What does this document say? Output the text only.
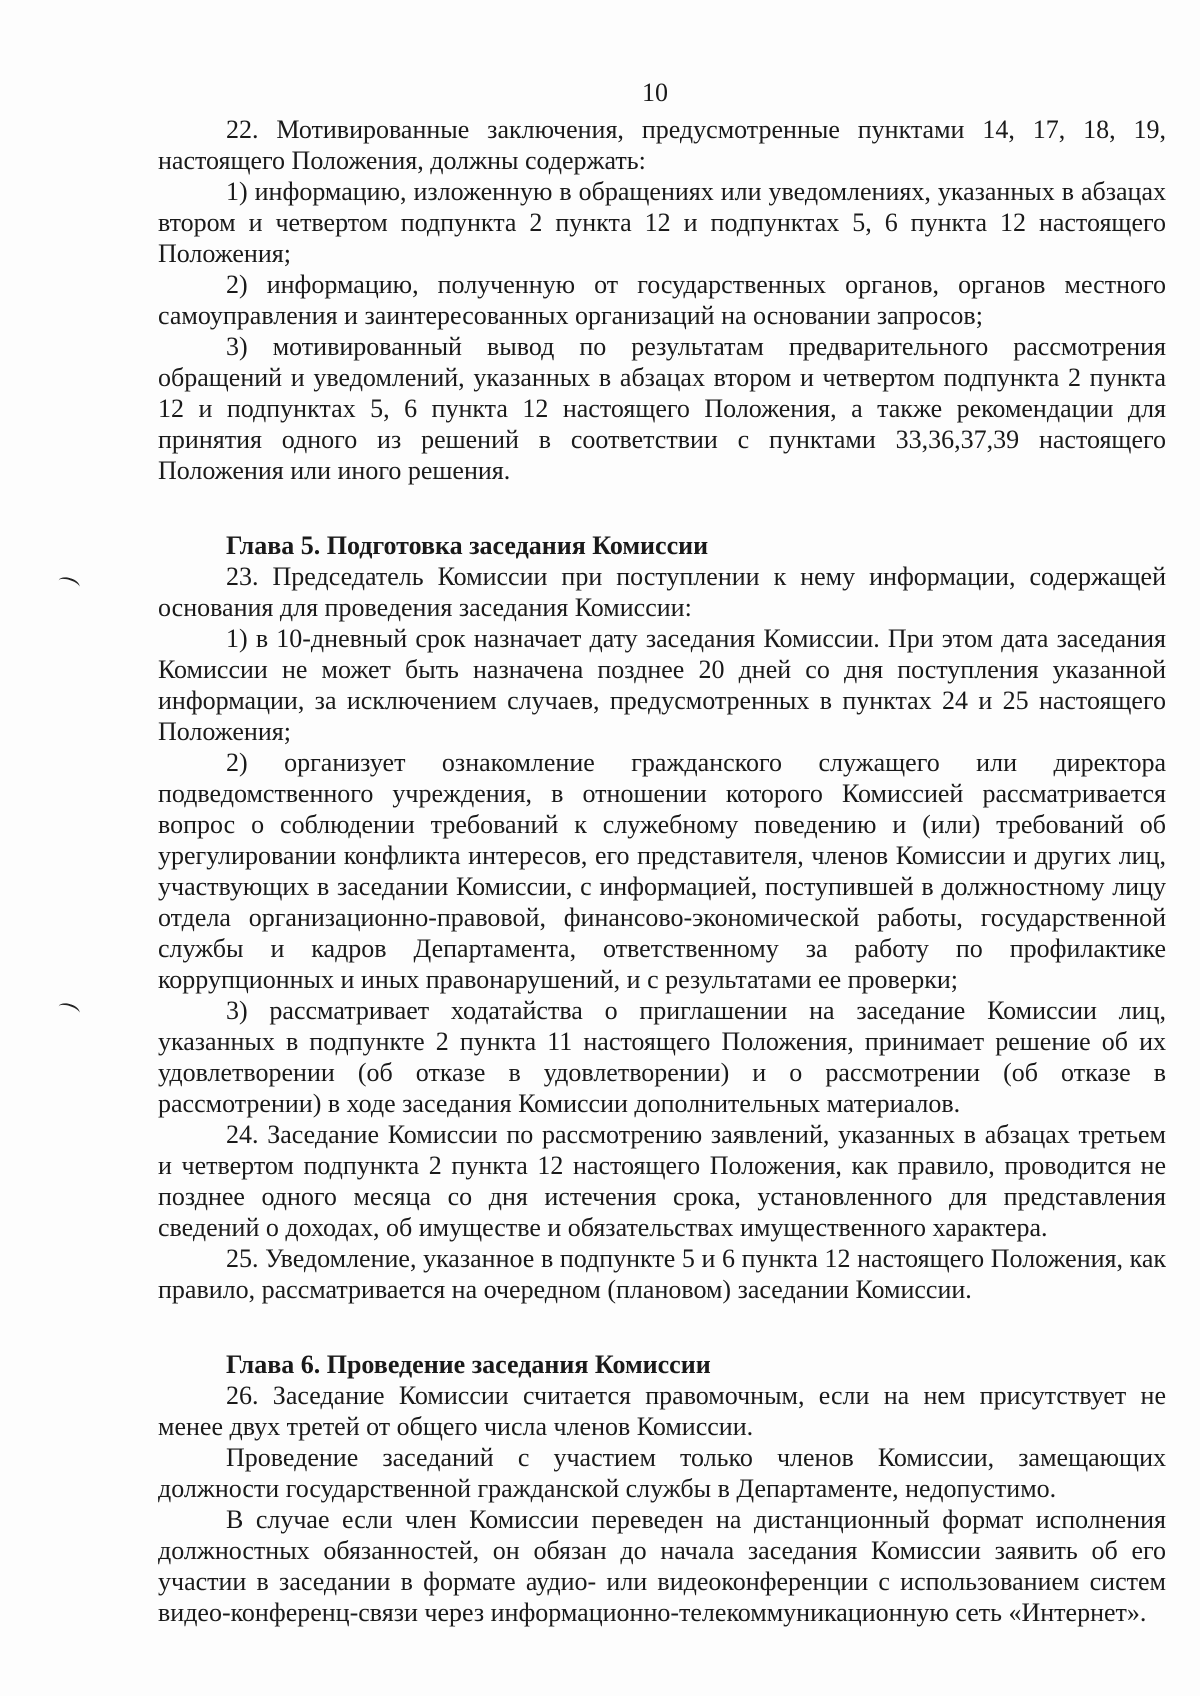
10

22. Мотивированные заключения, предусмотренные пунктами 14, 17, 18, 19, настоящего Положения, должны содержать:

1) информацию, изложенную в обращениях или уведомлениях, указанных в абзацах втором и четвертом подпункта 2 пункта 12 и подпунктах 5, 6 пункта 12 настоящего Положения;

2) информацию, полученную от государственных органов, органов местного самоуправления и заинтересованных организаций на основании запросов;

3) мотивированный вывод по результатам предварительного рассмотрения обращений и уведомлений, указанных в абзацах втором и четвертом подпункта 2 пункта 12 и подпунктах 5, 6 пункта 12 настоящего Положения, а также рекомендации для принятия одного из решений в соответствии с пунктами 33,36,37,39 настоящего Положения или иного решения.

Глава 5. Подготовка заседания Комиссии

23. Председатель Комиссии при поступлении к нему информации, содержащей основания для проведения заседания Комиссии:

1) в 10-дневный срок назначает дату заседания Комиссии. При этом дата заседания Комиссии не может быть назначена позднее 20 дней со дня поступления указанной информации, за исключением случаев, предусмотренных в пунктах 24 и 25 настоящего Положения;

2) организует ознакомление гражданского служащего или директора подведомственного учреждения, в отношении которого Комиссией рассматривается вопрос о соблюдении требований к служебному поведению и (или) требований об урегулировании конфликта интересов, его представителя, членов Комиссии и других лиц, участвующих в заседании Комиссии, с информацией, поступившей в должностному лицу отдела организационно-правовой, финансово-экономической работы, государственной службы и кадров Департамента, ответственному за работу по профилактике коррупционных и иных правонарушений, и с результатами ее проверки;

3) рассматривает ходатайства о приглашении на заседание Комиссии лиц, указанных в подпункте 2 пункта 11 настоящего Положения, принимает решение об их удовлетворении (об отказе в удовлетворении) и о рассмотрении (об отказе в рассмотрении) в ходе заседания Комиссии дополнительных материалов.

24. Заседание Комиссии по рассмотрению заявлений, указанных в абзацах третьем и четвертом подпункта 2 пункта 12 настоящего Положения, как правило, проводится не позднее одного месяца со дня истечения срока, установленного для представления сведений о доходах, об имуществе и обязательствах имущественного характера.

25. Уведомление, указанное в подпункте 5 и 6 пункта 12 настоящего Положения, как правило, рассматривается на очередном (плановом) заседании Комиссии.

Глава 6. Проведение заседания Комиссии

26. Заседание Комиссии считается правомочным, если на нем присутствует не менее двух третей от общего числа членов Комиссии.

Проведение заседаний с участием только членов Комиссии, замещающих должности государственной гражданской службы в Департаменте, недопустимо.

В случае если член Комиссии переведен на дистанционный формат исполнения должностных обязанностей, он обязан до начала заседания Комиссии заявить об его участии в заседании в формате аудио- или видеоконференции с использованием систем видео-конференц-связи через информационно-телекоммуникационную сеть «Интернет».
